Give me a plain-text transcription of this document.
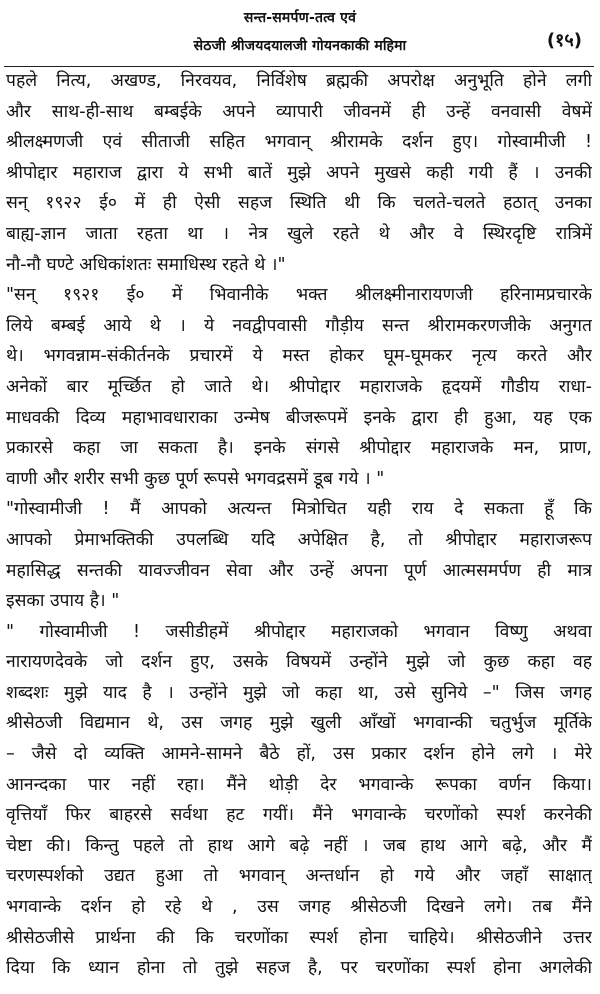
सन्त-समर्पण-तत्व एवं
सेठजी श्रीजयदयालजी गोयनकाकी महिमा	(१५)
पहले नित्य, अखण्ड, निरवयव, निर्विशेष ब्रह्मकी अपरोक्ष अनुभूति होने लगी
और साथ-ही-साथ बम्बईके अपने व्यापारी जीवनमें ही उन्हें वनवासी वेषमें
श्रीलक्ष्मणजी एवं सीताजी सहित भगवान् श्रीरामके दर्शन हुए। गोस्वामीजी !
श्रीपोद्दार महाराज द्वारा ये सभी बातें मुझे अपने मुखसे कही गयी हैं । उनकी
सन् १९२२ ई० में ही ऐसी सहज स्थिति थी कि चलते-चलते हठात् उनका
बाह्य-ज्ञान जाता रहता था । नेत्र खुले रहते थे और वे स्थिरदृष्टि रात्रिमें
नौ-नौ घण्टे अधिकांशतः समाधिस्थ रहते थे ।"
"सन् १९२१ ई० में भिवानीके भक्त श्रीलक्ष्मीनारायणजी हरिनामप्रचारके
लिये बम्बई आये थे । ये नवद्वीपवासी गौड़ीय सन्त श्रीरामकरणजीके अनुगत
थे। भगवन्नाम-संकीर्तनके प्रचारमें ये मस्त होकर घूम-घूमकर नृत्य करते और
अनेकों बार मूर्च्छित हो जाते थे। श्रीपोद्दार महाराजके हृदयमें गौडीय राधा-
माधवकी दिव्य महाभावधाराका उन्मेष बीजरूपमें इनके द्वारा ही हुआ, यह एक
प्रकारसे कहा जा सकता है। इनके संगसे श्रीपोद्दार महाराजके मन, प्राण,
वाणी और शरीर सभी कुछ पूर्ण रूपसे भगवद्रसमें डूब गये । "
"गोस्वामीजी ! मैं आपको अत्यन्त मित्रोचित यही राय दे सकता हूँ कि
आपको प्रेमाभक्तिकी उपलब्धि यदि अपेक्षित है, तो श्रीपोद्दार महाराजरूप
महासिद्ध सन्तकी यावज्जीवन सेवा और उन्हें अपना पूर्ण आत्मसमर्पण ही मात्र
इसका उपाय है। "
" गोस्वामीजी ! जसीडीहमें श्रीपोद्दार महाराजको भगवान विष्णु अथवा
नारायणदेवके जो दर्शन हुए, उसके विषयमें उन्होंने मुझे जो कुछ कहा वह
शब्दशः मुझे याद है । उन्होंने मुझे जो कहा था, उसे सुनिये –" जिस जगह
श्रीसेठजी विद्यमान थे, उस जगह मुझे खुली आँखों भगवान्की चतुर्भुज मूर्तिके
– जैसे दो व्यक्ति आमने-सामने बैठे हों, उस प्रकार दर्शन होने लगे । मेरे
आनन्दका पार नहीं रहा। मैंने थोड़ी देर भगवान्के रूपका वर्णन किया।
वृत्तियाँ फिर बाहरसे सर्वथा हट गयीं। मैंने भगवान्के चरणोंको स्पर्श करनेकी
चेष्टा की। किन्तु पहले तो हाथ आगे बढ़े नहीं । जब हाथ आगे बढ़े, और मैं
चरणस्पर्शको उद्यत हुआ तो भगवान् अन्तर्धान हो गये और जहाँ साक्षात्
भगवान्के दर्शन हो रहे थे , उस जगह श्रीसेठजी दिखने लगे। तब मैंने
श्रीसेठजीसे प्रार्थना की कि चरणोंका स्पर्श होना चाहिये। श्रीसेठजीने उत्तर
दिया कि ध्यान होना तो तुझे सहज है, पर चरणोंका स्पर्श होना अगलेकी
